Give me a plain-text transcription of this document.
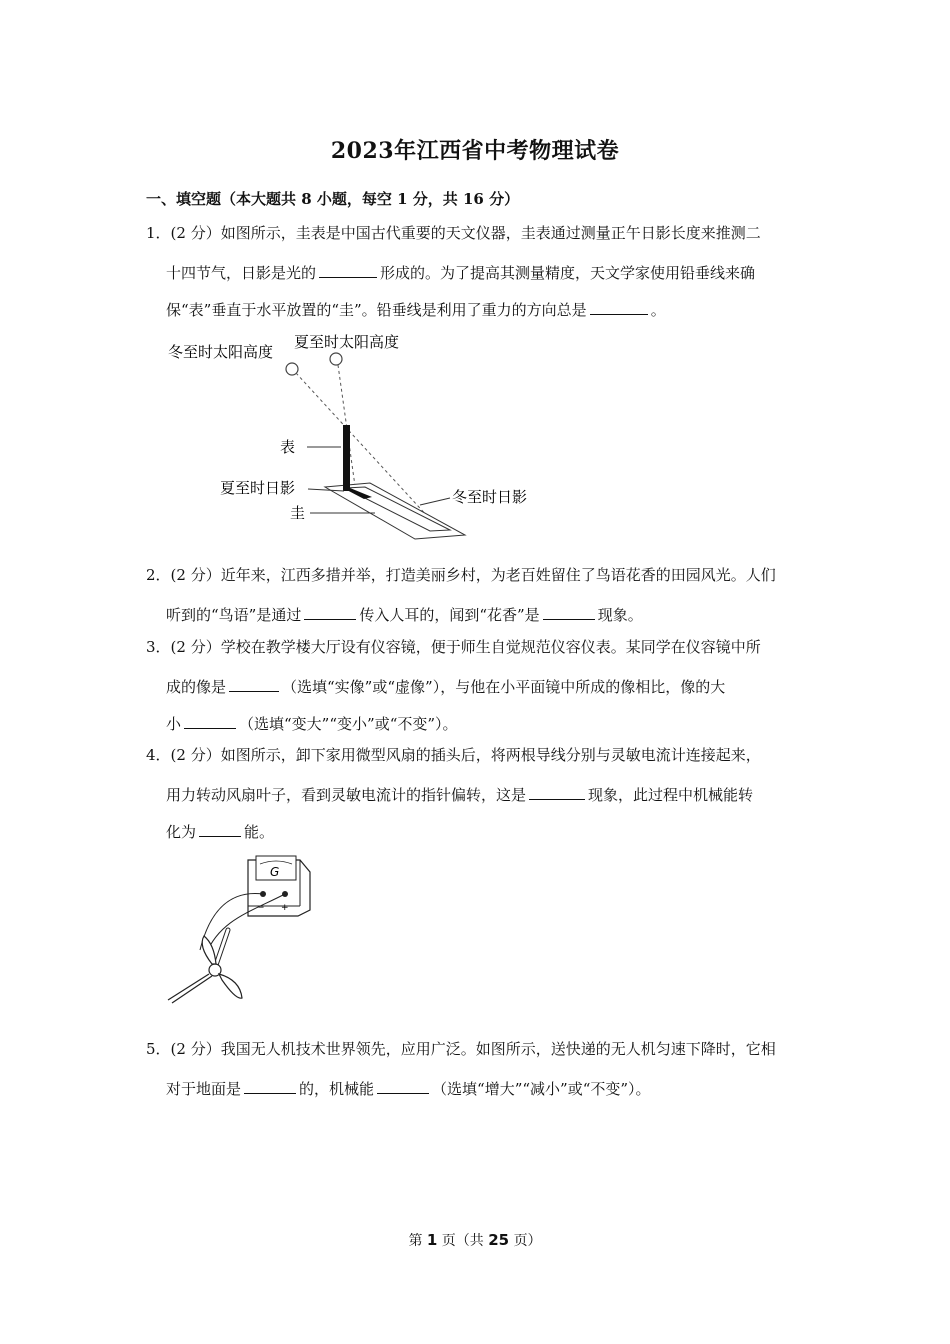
2023年江西省中考物理试卷
一、填空题（本大题共 8 小题，每空 1 分，共 16 分）
1．(2 分）如图所示，圭表是中国古代重要的天文仪器，圭表通过测量正午日影长度来推测二
十四节气，日影是光的	形成的。为了提高其测量精度，天文学家使用铅垂线来确
保“表”垂直于水平放置的“圭”。铅垂线是利用了重力的方向总是	。
冬至时太阳高度
夏至时太阳高度
表
夏至时日影
圭
冬至时日影
2．(2 分）近年来，江西多措并举，打造美丽乡村，为老百姓留住了鸟语花香的田园风光。人们
听到的“鸟语”是通过	传入人耳的，闻到“花香”是	现象。
3．(2 分）学校在教学楼大厅设有仪容镜，便于师生自觉规范仪容仪表。某同学在仪容镜中所
成的像是	（选填“实像”或“虚像”），与他在小平面镜中所成的像相比，像的大
小	（选填“变大”“变小”或“不变”）。
4．(2 分）如图所示，卸下家用微型风扇的插头后，将两根导线分别与灵敏电流计连接起来，
用力转动风扇叶子，看到灵敏电流计的指针偏转，这是	现象，此过程中机械能转
化为	能。
G
− +
5．(2 分）我国无人机技术世界领先，应用广泛。如图所示，送快递的无人机匀速下降时，它相
对于地面是	的，机械能	（选填“增大”“减小”或“不变”）。
第 1 页（共 25 页）
